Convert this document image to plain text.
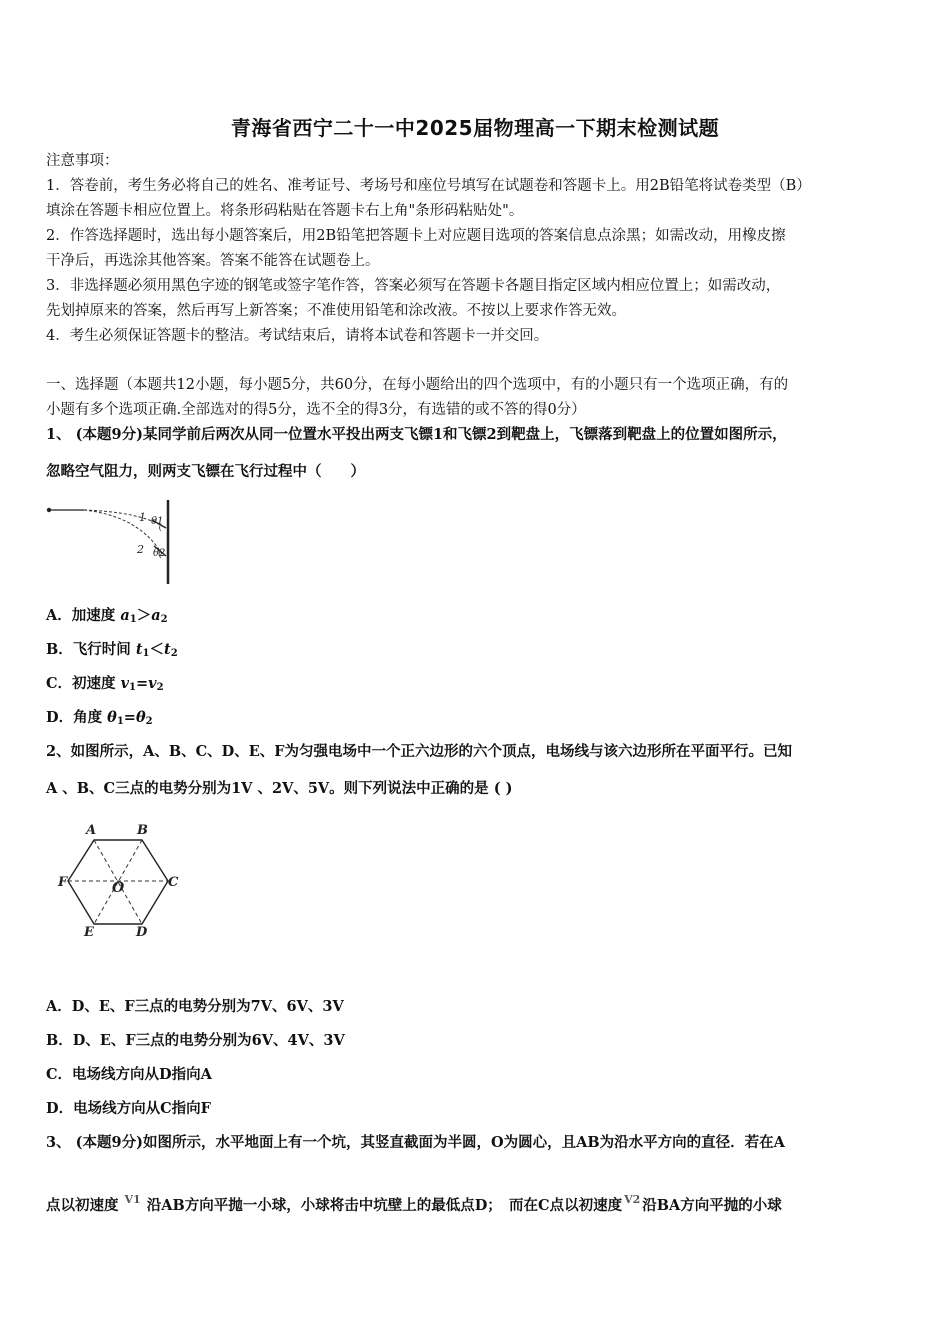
青海省西宁二十一中2025届物理高一下期末检测试题
注意事项：
1．答卷前，考生务必将自己的姓名、准考证号、考场号和座位号填写在试题卷和答题卡上。用2B铅笔将试卷类型（B）
填涂在答题卡相应位置上。将条形码粘贴在答题卡右上角"条形码粘贴处"。
2．作答选择题时，选出每小题答案后，用2B铅笔把答题卡上对应题目选项的答案信息点涂黑；如需改动，用橡皮擦
干净后，再选涂其他答案。答案不能答在试题卷上。
3．非选择题必须用黑色字迹的钢笔或签字笔作答，答案必须写在答题卡各题目指定区域内相应位置上；如需改动，
先划掉原来的答案，然后再写上新答案；不准使用铅笔和涂改液。不按以上要求作答无效。
4．考生必须保证答题卡的整洁。考试结束后，请将本试卷和答题卡一并交回。
一、选择题（本题共12小题，每小题5分，共60分，在每小题给出的四个选项中，有的小题只有一个选项正确，有的
小题有多个选项正确.全部选对的得5分，选不全的得3分，有选错的或不答的得0分）
1、 (本题9分)某同学前后两次从同一位置水平投出两支飞镖1和飞镖2到靶盘上，飞镖落到靶盘上的位置如图所示，
忽略空气阻力，则两支飞镖在飞行过程中（　　）
1
2
θ1
θ2
A．加速度 $a_1>a_2$
B．飞行时间 $t_1<t_2$
C．初速度 $v_1=v_2$
D．角度 $\theta_1=\theta_2$
2、如图所示，A、B、C、D、E、F为匀强电场中一个正六边形的六个顶点，电场线与该六边形所在平面平行。已知
A 、B、C三点的电势分别为1V 、2V、5V。则下列说法中正确的是 ( )
A	B
C
D
E
F	O
A．D、E、F三点的电势分别为7V、6V、3V
B．D、E、F三点的电势分别为6V、4V、3V
C．电场线方向从D指向A
D．电场线方向从C指向F
3、 (本题9分)如图所示，水平地面上有一个坑，其竖直截面为半圆，O为圆心，且AB为沿水平方向的直径．若在A
点以初速度 $^{V1}$ 沿AB方向平抛一小球，小球将击中坑壁上的最低点D；　而在C点以初速度 $^{V2}$ 沿BA方向平抛的小球
